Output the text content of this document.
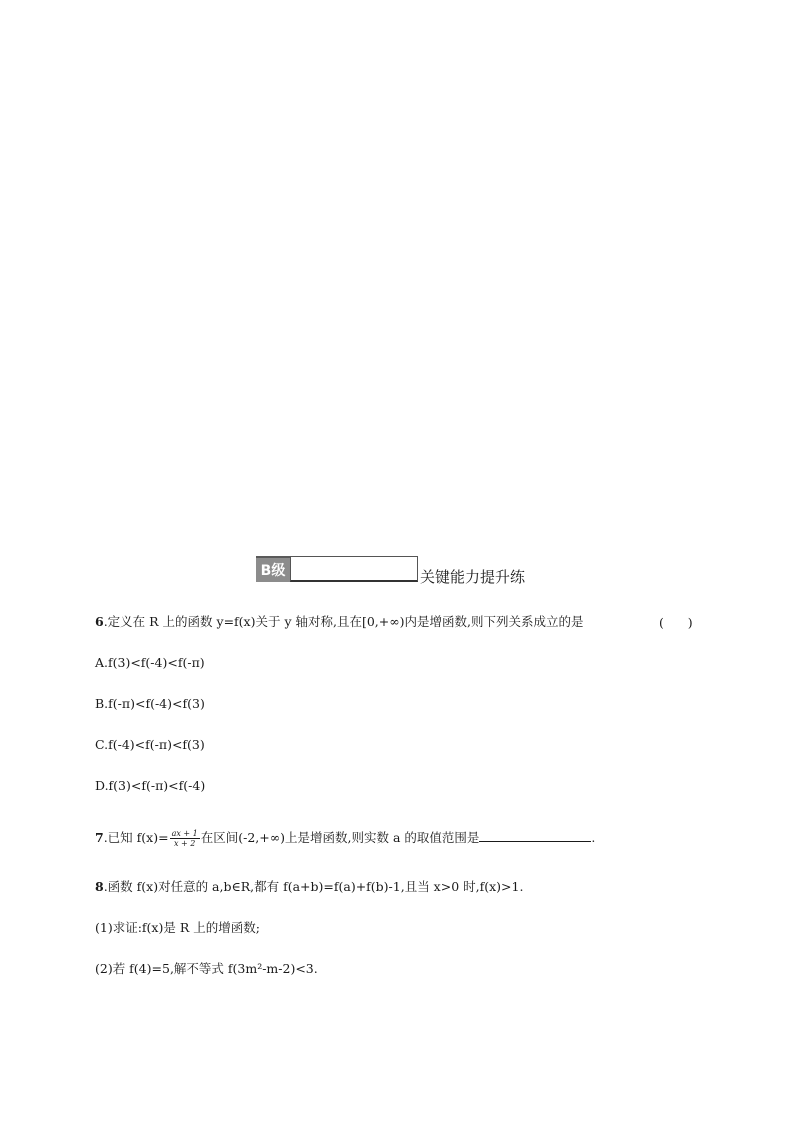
B级	关键能力提升练
6.定义在 R 上的函数 y=f(x)关于 y 轴对称,且在[0,+∞)内是增函数,则下列关系成立的是	(      )
A.f(3)<f(-4)<f(-π)
B.f(-π)<f(-4)<f(3)
C.f(-4)<f(-π)<f(3)
D.f(3)<f(-π)<f(-4)
7.已知 $f(x)= \frac{ax + 1}{x + 2}$ 在区间(-2,+∞)上是增函数,则实数 a 的取值范围是	.
8.函数 f(x)对任意的 a,b∈R,都有 f(a+b)=f(a)+f(b)-1,且当 x>0 时,f(x)>1.
(1)求证:f(x)是 R 上的增函数;
(2)若 f(4)=5,解不等式 f(3m²-m-2)<3.
